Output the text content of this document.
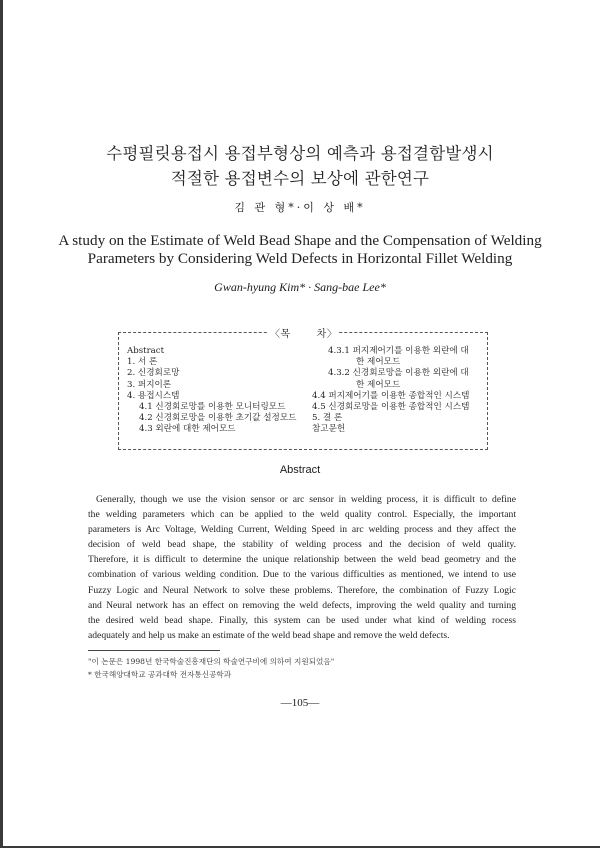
수평필릿용접시 용접부형상의 예측과 용접결함발생시
적절한 용접변수의 보상에 관한연구
김 관 형*·이 상 배*
A study on the Estimate of Weld Bead Shape and the Compensation of Welding
Parameters by Considering Weld Defects in Horizontal Fillet Welding
Gwan-hyung Kim* · Sang-bae Lee*
〈목	차〉
Abstract
1. 서 론
2. 신경회로망
3. 퍼지이론
4. 용접시스템
4.1 신경회로망를 이용한 모니터링모드
4.2 신경회로망을 이용한 초기값 설정모드
4.3 외란에 대한 제어모드
4.3.1 퍼지제어기를 이용한 외란에 대
한 제어모드
4.3.2 신경회로망을 이용한 외란에 대
한 제어모드
4.4 퍼지제어기를 이용한 종합적인 시스템
4.5 신경회로망을 이용한 종합적인 시스템
5. 결 론
참고문헌
Abstract
Generally, though we use the vision sensor or arc sensor in welding process, it is difficult to define
the welding parameters which can be applied to the weld quality control. Especially, the important
parameters is Arc Voltage, Welding Current, Welding Speed in arc welding process and they affect the
decision of weld bead shape, the stability of welding process and the decision of weld quality.
Therefore, it is difficult to determine the unique relationship between the weld bead geometry and the
combination of various welding condition. Due to the various difficulties as mentioned, we intend to use
Fuzzy Logic and Neural Network to solve these problems. Therefore, the combination of Fuzzy Logic
and Neural network has an effect on removing the weld defects, improving the weld quality and turning
the desired weld bead shape. Finally, this system can be used under what kind of welding rocess
adequately and help us make an estimate of the weld bead shape and remove the weld defects.
"이 논문은 1998년 한국학술진흥재단의 학술연구비에 의하여 지원되었음"
* 한국해양대학교 공과대학 전자통신공학과
—105—
